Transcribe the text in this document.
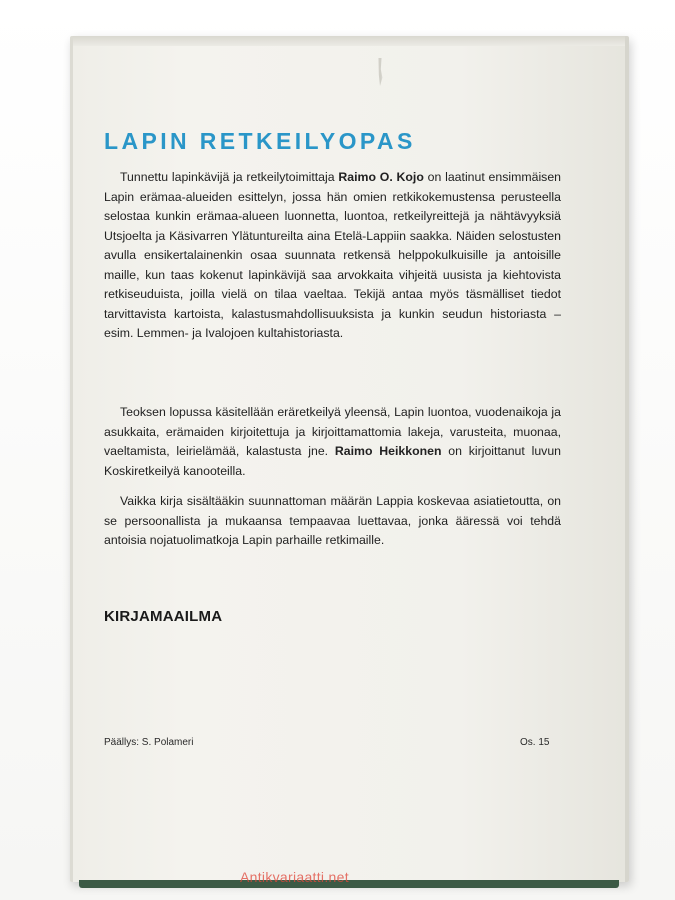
LAPIN RETKEILYOPAS

Tunnettu lapinkävijä ja retkeilytoimittaja Raimo O. Kojo on laatinut ensimmäisen Lapin erämaa-alueiden esittelyn, jossa hän omien retkikokemustensa perusteella selostaa kunkin erämaa-alueen luonnetta, luontoa, retkeilyreittejä ja nähtävyyksiä Utsjoelta ja Käsivarren Ylätuntureilta aina Etelä-Lappiin saakka. Näiden selostusten avulla ensikertalainenkin osaa suunnata retkensä helppokulkuisille ja antoisille maille, kun taas kokenut lapinkävijä saa arvokkaita vihjeitä uusista ja kiehtovista retkiseuduista, joilla vielä on tilaa vaeltaa. Tekijä antaa myös täsmälliset tiedot tarvittavista kartoista, kalastusmahdollisuuksista ja kunkin seudun historiasta – esim. Lemmen- ja Ivalojoen kultahistoriasta.

Teoksen lopussa käsitellään eräretkeilyä yleensä, Lapin luontoa, vuodenaikoja ja asukkaita, erämaiden kirjoitettuja ja kirjoittamattomia lakeja, varusteita, muonaa, vaeltamista, leirielämää, kalastusta jne. Raimo Heikkonen on kirjoittanut luvun Koskiretkeilyä kanooteilla.

Vaikka kirja sisältääkin suunnattoman määrän Lappia koskevaa asiatietoutta, on se persoonallista ja mukaansa tempaavaa luettavaa, jonka ääressä voi tehdä antoisia nojatuolimatkoja Lapin parhaille retkimaille.

KIRJAMAAILMA

Päällys: S. Polameri	Os. 15
Antikvariaatti.net
